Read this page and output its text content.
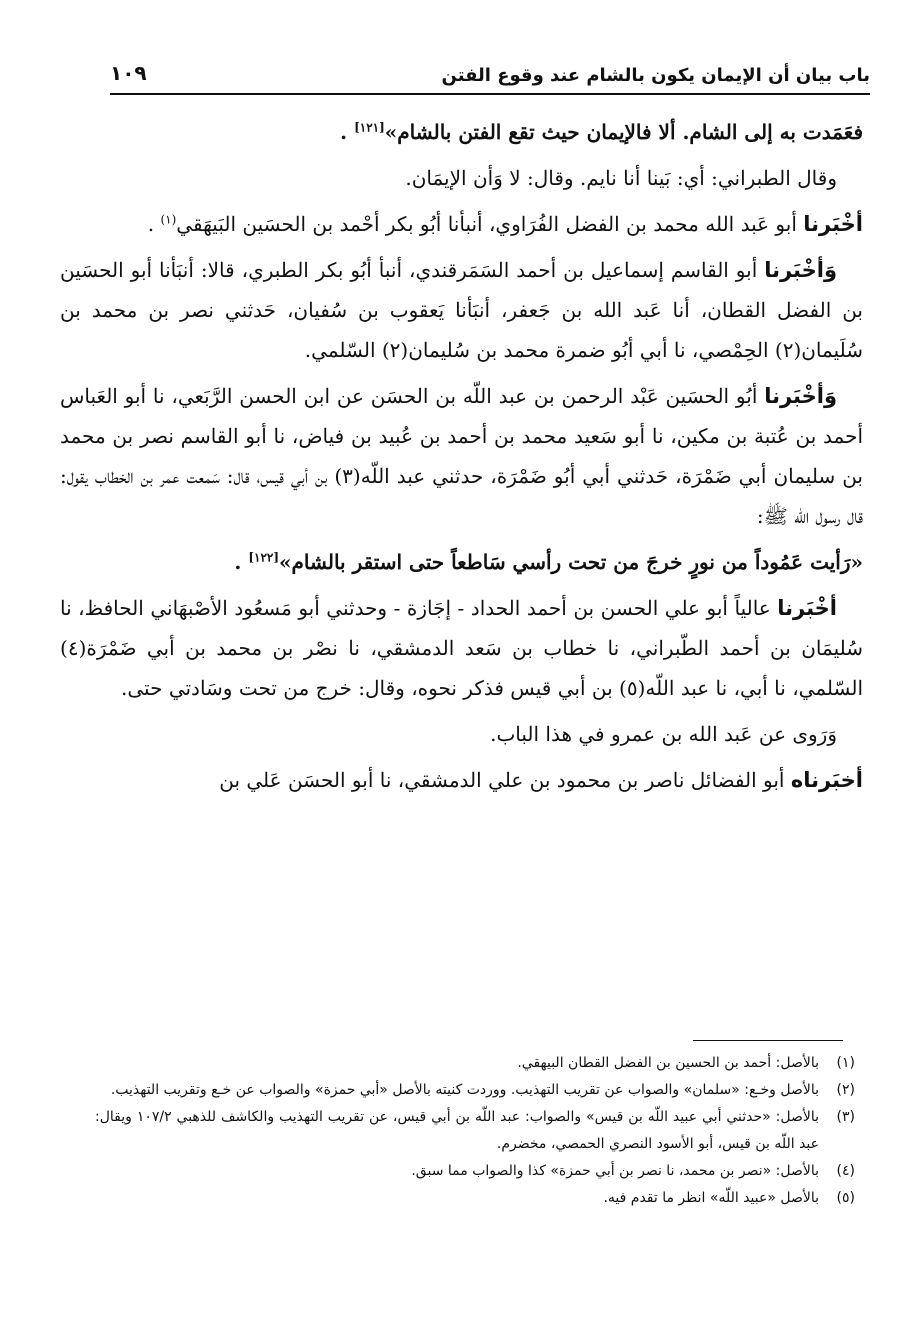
باب بيان أن الإيمان يكون بالشام عند وقوع الفتن
١٠٩

فعَمَدت به إلى الشام. ألا فالإيمان حيث تقع الفتن بالشام»[١٢١] .

وقال الطبراني: أي: بَينا أنا نايم. وقال: لا وَأن الإيمَان.

أخْبَرنا أبو عَبد الله محمد بن الفضل الفُرَاوي، أنبأنا أبُو بكر أحْمد بن الحسَين البَيهَقي$^{(١)}$ .

وَأخْبَرنا أبو القاسم إسماعيل بن أحمد السَمَرقندي، أنبأ أبُو بكر الطبري، قالا: أنبَأنا أبو الحسَين بن الفضل القطان، أنا عَبد الله بن جَعفر، أنبَأنا يَعقوب بن سُفيان، حَدثني نصر بن محمد بن سُلَيمان(٢) الحِمْصي، نا أبي أبُو ضمرة محمد بن سُليمان(٢) السّلمي.

وَأخْبَرنا أبُو الحسَين عَبْد الرحمن بن عبد اللّه بن الحسَن عن ابن الحسن الرَّبَعي، نا أبو العَباس أحمد بن عُتبة بن مكين، نا أبو سَعيد محمد بن أحمد بن عُبيد بن فياض، نا أبو القاسم نصر بن محمد بن سليمان أبي ضَمْرَة، حَدثني أبي أبُو ضَمْرَة، حدثني عبد اللّه(٣) بن أبي قيس، قال: سَمعت عمر بن الخطاب يقول: قال رسول الله ﷺ:

«رَأيت عَمُوداً من نورٍ خرجَ من تحت رأسي سَاطعاً حتى استقر بالشام»[١٢٢] .

أخْبَرنا عالياً أبو علي الحسن بن أحمد الحداد - إجَازة - وحدثني أبو مَسعُود الأصْبهَاني الحافظ، نا سُليمَان بن أحمد الطّبراني، نا خطاب بن سَعد الدمشقي، نا نصْر بن محمد بن أبي ضَمْرَة(٤) السّلمي، نا أبي، نا عبد اللّه(٥) بن أبي قيس فذكر نحوه، وقال: خرج من تحت وسَادتي حتى.

وَرَوى عن عَبد الله بن عمرو في هذا الباب.

أخبَرناه أبو الفضائل ناصر بن محمود بن علي الدمشقي، نا أبو الحسَن عَلي بن

(١)
بالأصل: أحمد بن الحسين بن الفضل القطان البيهقي.
(٢)
بالأصل وخـع: «سلمان» والصواب عن تقريب التهذيب. ووردت كنيته بالأصل «أبي حمزة» والصواب عن خـع وتقريب التهذيب.
(٣)
بالأصل: «حدثني أبي عبيد اللّه بن قيس» والصواب: عبد اللّه بن أبي قيس، عن تقريب التهذيب والكاشف للذهبي ١٠٧/٢ ويقال: عبد اللّه بن قيس، أبو الأسود النصري الحمصي، مخضرم.
(٤)
بالأصل: «نصر بن محمد، نا نصر بن أبي حمزة» كذا والصواب مما سبق.
(٥)
بالأصل «عبيد اللّه» انظر ما تقدم فيه.
